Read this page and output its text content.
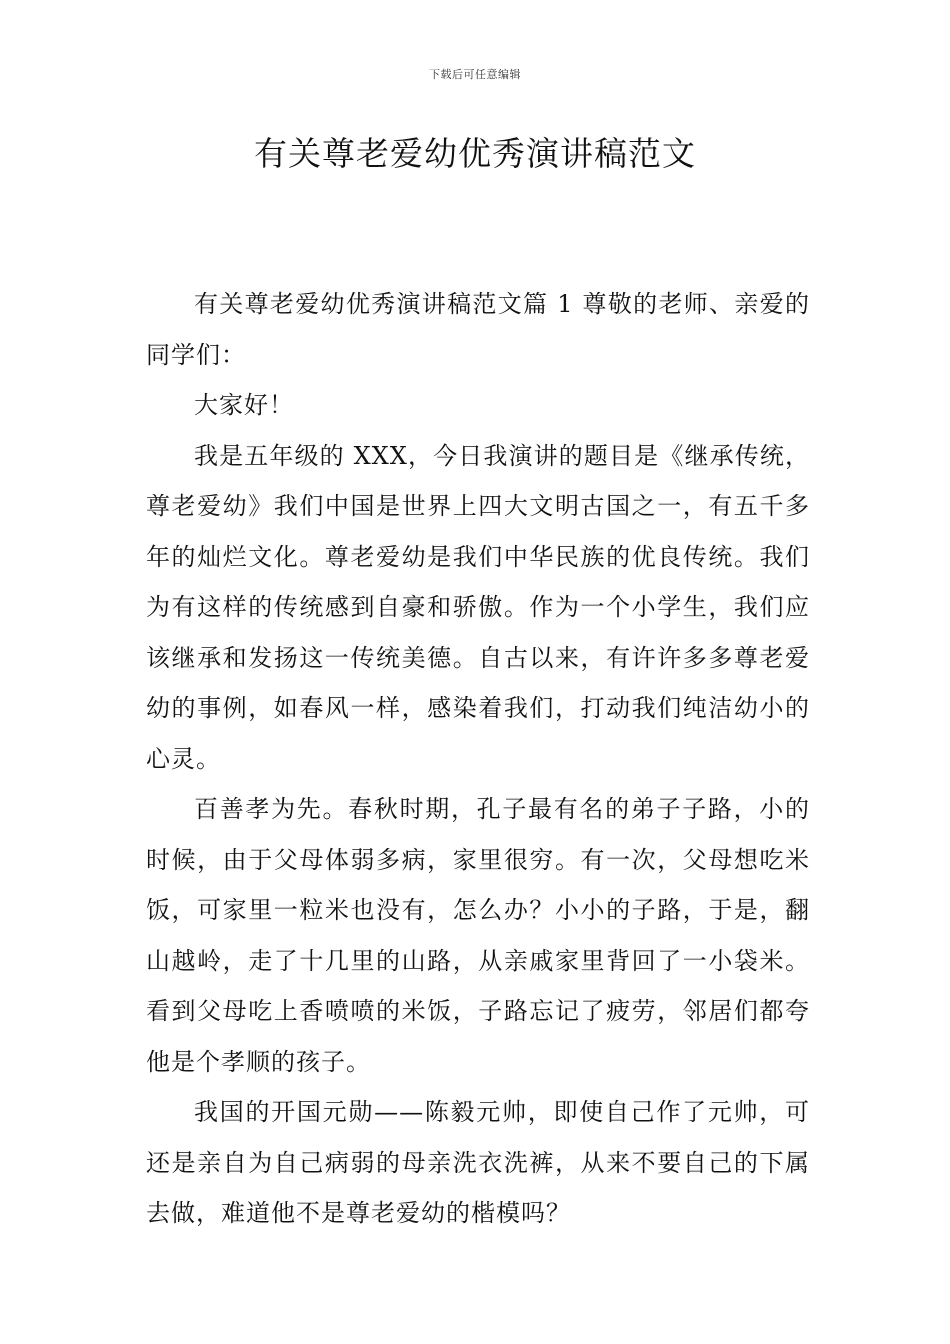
下载后可任意编辑
有关尊老爱幼优秀演讲稿范文

有关尊老爱幼优秀演讲稿范文篇 1 尊敬的老师、亲爱的同学们：

大家好！

我是五年级的 XXX，今日我演讲的题目是《继承传统，尊老爱幼》我们中国是世界上四大文明古国之一，有五千多年的灿烂文化。尊老爱幼是我们中华民族的优良传统。我们为有这样的传统感到自豪和骄傲。作为一个小学生，我们应该继承和发扬这一传统美德。自古以来，有许许多多尊老爱幼的事例，如春风一样，感染着我们，打动我们纯洁幼小的心灵。

百善孝为先。春秋时期，孔子最有名的弟子子路，小的时候，由于父母体弱多病，家里很穷。有一次，父母想吃米饭，可家里一粒米也没有，怎么办？小小的子路，于是，翻山越岭，走了十几里的山路，从亲戚家里背回了一小袋米。看到父母吃上香喷喷的米饭，子路忘记了疲劳，邻居们都夸他是个孝顺的孩子。

我国的开国元勋——陈毅元帅，即使自己作了元帅，可还是亲自为自己病弱的母亲洗衣洗裤，从来不要自己的下属去做，难道他不是尊老爱幼的楷模吗？
